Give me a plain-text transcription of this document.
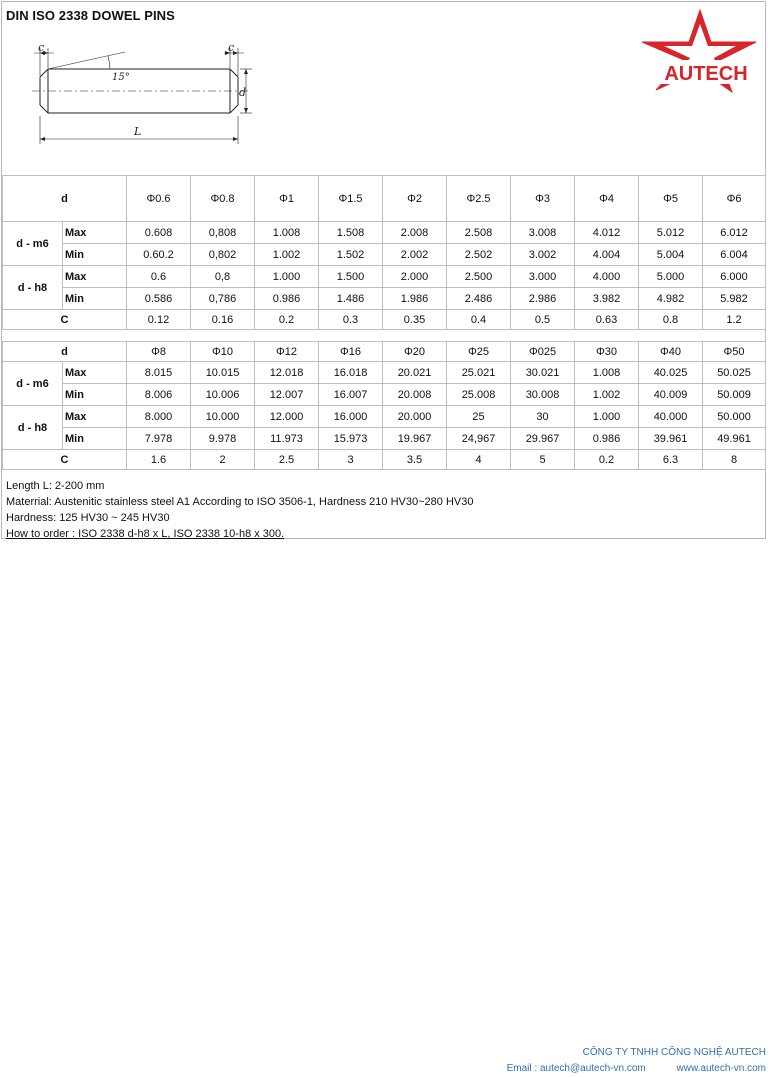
DIN ISO 2338 DOWEL PINS
c	c
15°
d
L
AUTECH
d		Φ0.6	Φ0.8	Φ1	Φ1.5	Φ2	Φ2.5	Φ3	Φ4	Φ5	Φ6
d - m6	Max	0.608	0,808	1.008	1.508	2.008	2.508	3.008	4.012	5.012	6.012
	Min	0.60.2	0,802	1.002	1.502	2.002	2.502	3.002	4.004	5.004	6.004
d - h8	Max	0.6	0,8	1.000	1.500	2.000	2.500	3.000	4.000	5.000	6.000
	Min	0.586	0,786	0.986	1.486	1.986	2.486	2.986	3.982	4.982	5.982
C		0.12	0.16	0.2	0.3	0.35	0.4	0.5	0.63	0.8	1.2
d		Φ8	Φ10	Φ12	Φ16	Φ20	Φ25	Φ025	Φ30	Φ40	Φ50
d - m6	Max	8.015	10.015	12.018	16.018	20.021	25.021	30.021	1.008	40.025	50.025
	Min	8.006	10.006	12.007	16.007	20.008	25.008	30.008	1.002	40.009	50.009
d - h8	Max	8.000	10.000	12.000	16.000	20.000	25	30	1.000	40.000	50.000
	Min	7.978	9.978	11.973	15.973	19.967	24,967	29.967	0.986	39.961	49.961
C		1.6	2	2.5	3	3.5	4	5	0.2	6.3	8
Length L: 2-200 mm
Materrial: Austenitic stainless steel A1 According to ISO 3506-1, Hardness 210 HV30~280 HV30
Hardness: 125 HV30 ~ 245 HV30
How to order : ISO 2338 d-h8 x L, ISO 2338 10-h8 x 300.
CÔNG TY TNHH CÔNG NGHỆ AUTECH
Email : autech@autech-vn.com	www.autech-vn.com
